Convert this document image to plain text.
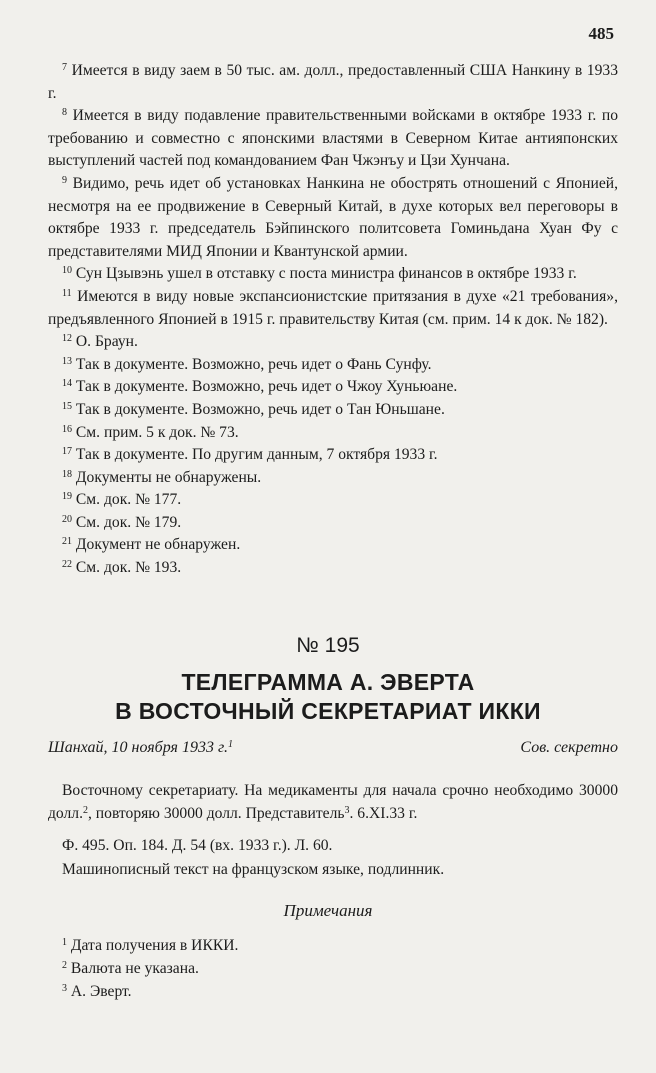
485

$^7$ Имеется в виду заем в 50 тыс. ам. долл., предоставленный США Нанкину в 1933 г.

$^8$ Имеется в виду подавление правительственными войсками в октябре 1933 г. по требованию и совместно с японскими властями в Северном Китае антияпонских выступлений частей под командованием Фан Чжэнъу и Цзи Хунчана.

$^9$ Видимо, речь идет об установках Нанкина не обострять отношений с Японией, несмотря на ее продвижение в Северный Китай, в духе которых вел переговоры в октябре 1933 г. председатель Бэйпинского политсовета Гоминьдана Хуан Фу с представителями МИД Японии и Квантунской армии.

$^{10}$ Сун Цзывэнь ушел в отставку с поста министра финансов в октябре 1933 г.

$^{11}$ Имеются в виду новые экспансионистские притязания в духе «21 требования», предъявленного Японией в 1915 г. правительству Китая (см. прим. 14 к док. № 182).

$^{12}$ О. Браун.

$^{13}$ Так в документе. Возможно, речь идет о Фань Сунфу.

$^{14}$ Так в документе. Возможно, речь идет о Чжоу Хуньюане.

$^{15}$ Так в документе. Возможно, речь идет о Тан Юньшане.

$^{16}$ См. прим. 5 к док. № 73.

$^{17}$ Так в документе. По другим данным, 7 октября 1933 г.

$^{18}$ Документы не обнаружены.

$^{19}$ См. док. № 177.

$^{20}$ См. док. № 179.

$^{21}$ Документ не обнаружен.

$^{22}$ См. док. № 193.

№ 195
ТЕЛЕГРАММА А. ЭВЕРТА
В ВОСТОЧНЫЙ СЕКРЕТАРИАТ ИККИ
Шанхай, 10 ноября 1933 г.$^1$	Сов. секретно
Восточному секретариату. На медикаменты для начала срочно необходимо 30000 долл.$^2$, повторяю 30000 долл. Представитель$^3$. 6.XI.33 г.

Ф. 495. Оп. 184. Д. 54 (вх. 1933 г.). Л. 60.

Машинописный текст на французском языке, подлинник.

Примечания

$^1$ Дата получения в ИККИ.

$^2$ Валюта не указана.

$^3$ А. Эверт.
